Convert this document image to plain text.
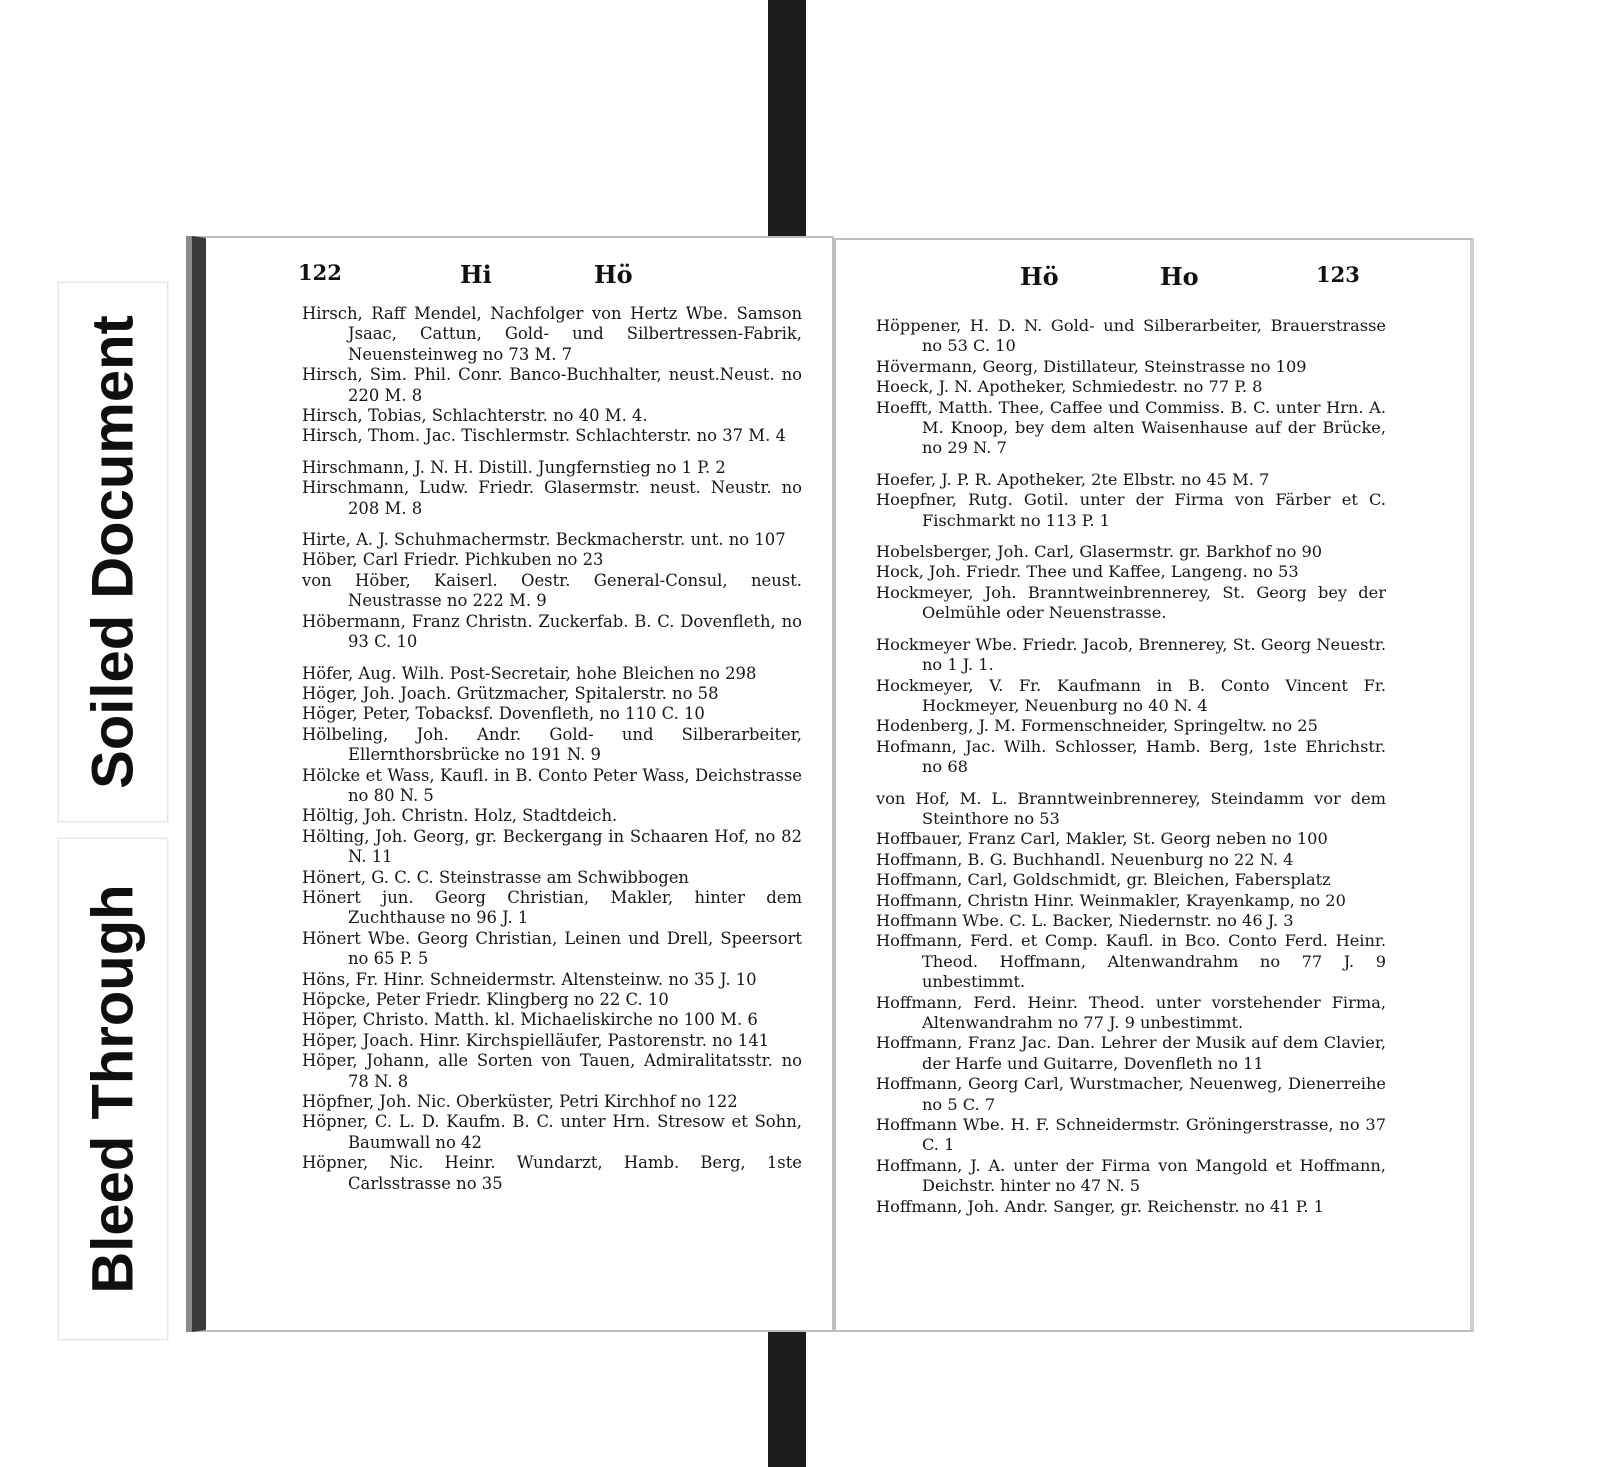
Soiled Document
Bleed Through
122	Hi	Hö

Hirsch, Raff Mendel, Nachfolger von Hertz Wbe. Samson Jsaac, Cattun, Gold- und Silbertressen-Fabrik, Neuensteinweg no 73 M. 7

Hirsch, Sim. Phil. Conr. Banco-Buchhalter, neust.Neust. no 220 M. 8

Hirsch, Tobias, Schlachterstr. no 40 M. 4.

Hirsch, Thom. Jac. Tischlermstr. Schlachterstr. no 37 M. 4

Hirschmann, J. N. H. Distill. Jungfernstieg no 1 P. 2

Hirschmann, Ludw. Friedr. Glasermstr. neust. Neustr. no 208 M. 8

Hirte, A. J. Schuhmachermstr. Beckmacherstr. unt. no 107

Höber, Carl Friedr. Pichkuben no 23

von Höber, Kaiserl. Oestr. General-Consul, neust. Neustrasse no 222 M. 9

Höbermann, Franz Christn. Zuckerfab. B. C. Dovenfleth, no 93 C. 10

Höfer, Aug. Wilh. Post-Secretair, hohe Bleichen no 298

Höger, Joh. Joach. Grützmacher, Spitalerstr. no 58

Höger, Peter, Tobacksf. Dovenfleth, no 110 C. 10

Hölbeling, Joh. Andr. Gold- und Silberarbeiter, Ellernthorsbrücke no 191 N. 9

Hölcke et Wass, Kaufl. in B. Conto Peter Wass, Deichstrasse no 80 N. 5

Höltig, Joh. Christn. Holz, Stadtdeich.

Hölting, Joh. Georg, gr. Beckergang in Schaaren Hof, no 82 N. 11

Hönert, G. C. C. Steinstrasse am Schwibbogen

Hönert jun. Georg Christian, Makler, hinter dem Zuchthause no 96 J. 1

Hönert Wbe. Georg Christian, Leinen und Drell, Speersort no 65 P. 5

Höns, Fr. Hinr. Schneidermstr. Altensteinw. no 35 J. 10

Höpcke, Peter Friedr. Klingberg no 22 C. 10

Höper, Christo. Matth. kl. Michaeliskirche no 100 M. 6

Höper, Joach. Hinr. Kirchspielläufer, Pastorenstr. no 141

Höper, Johann, alle Sorten von Tauen, Admiralitatsstr. no 78 N. 8

Höpfner, Joh. Nic. Oberküster, Petri Kirchhof no 122

Höpner, C. L. D. Kaufm. B. C. unter Hrn. Stresow et Sohn, Baumwall no 42

Höpner, Nic. Heinr. Wundarzt, Hamb. Berg, 1ste Carlsstrasse no 35

Hö	Ho	123

Höppener, H. D. N. Gold- und Silberarbeiter, Brauerstrasse no 53 C. 10

Hövermann, Georg, Distillateur, Steinstrasse no 109

Hoeck, J. N. Apotheker, Schmiedestr. no 77 P. 8

Hoefft, Matth. Thee, Caffee und Commiss. B. C. unter Hrn. A. M. Knoop, bey dem alten Waisenhause auf der Brücke, no 29 N. 7

Hoefer, J. P. R. Apotheker, 2te Elbstr. no 45 M. 7

Hoepfner, Rutg. Gotil. unter der Firma von Färber et C. Fischmarkt no 113 P. 1

Hobelsberger, Joh. Carl, Glasermstr. gr. Barkhof no 90

Hock, Joh. Friedr. Thee und Kaffee, Langeng. no 53

Hockmeyer, Joh. Branntweinbrennerey, St. Georg bey der Oelmühle oder Neuenstrasse.

Hockmeyer Wbe. Friedr. Jacob, Brennerey, St. Georg Neuestr. no 1 J. 1.

Hockmeyer, V. Fr. Kaufmann in B. Conto Vincent Fr. Hockmeyer, Neuenburg no 40 N. 4

Hodenberg, J. M. Formenschneider, Springeltw. no 25

Hofmann, Jac. Wilh. Schlosser, Hamb. Berg, 1ste Ehrichstr. no 68

von Hof, M. L. Branntweinbrennerey, Steindamm vor dem Steinthore no 53

Hoffbauer, Franz Carl, Makler, St. Georg neben no 100

Hoffmann, B. G. Buchhandl. Neuenburg no 22 N. 4

Hoffmann, Carl, Goldschmidt, gr. Bleichen, Fabersplatz

Hoffmann, Christn Hinr. Weinmakler, Krayenkamp, no 20

Hoffmann Wbe. C. L. Backer, Niedernstr. no 46 J. 3

Hoffmann, Ferd. et Comp. Kaufl. in Bco. Conto Ferd. Heinr. Theod. Hoffmann, Altenwandrahm no 77 J. 9 unbestimmt.

Hoffmann, Ferd. Heinr. Theod. unter vorstehender Firma, Altenwandrahm no 77 J. 9 unbestimmt.

Hoffmann, Franz Jac. Dan. Lehrer der Musik auf dem Clavier, der Harfe und Guitarre, Dovenfleth no 11

Hoffmann, Georg Carl, Wurstmacher, Neuenweg, Dienerreihe no 5 C. 7

Hoffmann Wbe. H. F. Schneidermstr. Gröningerstrasse, no 37 C. 1

Hoffmann, J. A. unter der Firma von Mangold et Hoffmann, Deichstr. hinter no 47 N. 5

Hoffmann, Joh. Andr. Sanger, gr. Reichenstr. no 41 P. 1
